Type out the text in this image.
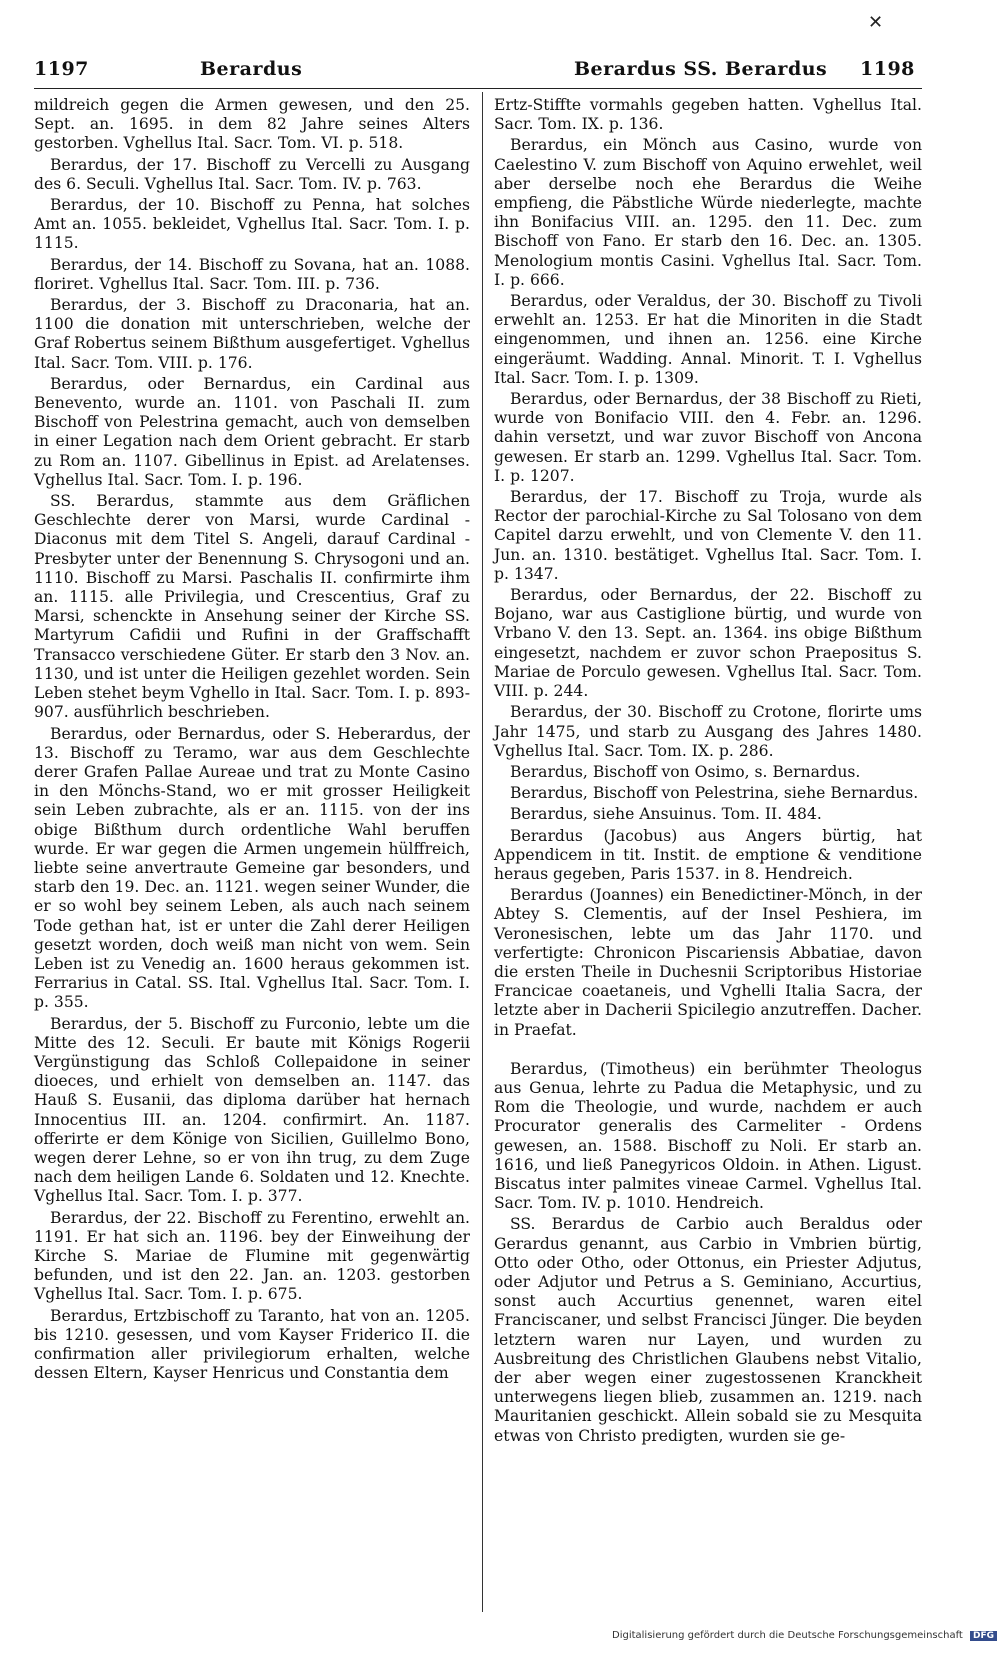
✕
1197	Berardus	Berardus SS. Berardus 1198

mildreich gegen die Armen gewesen, und den 25. Sept. an. 1695. in dem 82 Jahre seines Alters gestorben. Vghellus Ital. Sacr. Tom. VI. p. 518.

Berardus, der 17. Bischoff zu Vercelli zu Ausgang des 6. Seculi. Vghellus Ital. Sacr. Tom. IV. p. 763.

Berardus, der 10. Bischoff zu Penna, hat solches Amt an. 1055. bekleidet, Vghellus Ital. Sacr. Tom. I. p. 1115.

Berardus, der 14. Bischoff zu Sovana, hat an. 1088. floriret. Vghellus Ital. Sacr. Tom. III. p. 736.

Berardus, der 3. Bischoff zu Draconaria, hat an. 1100 die donation mit unterschrieben, welche der Graf Robertus seinem Bißthum ausgefertiget. Vghellus Ital. Sacr. Tom. VIII. p. 176.

Berardus, oder Bernardus, ein Cardinal aus Benevento, wurde an. 1101. von Paschali II. zum Bischoff von Pelestrina gemacht, auch von demselben in einer Legation nach dem Orient gebracht. Er starb zu Rom an. 1107. Gibellinus in Epist. ad Arelatenses. Vghellus Ital. Sacr. Tom. I. p. 196.

SS. Berardus, stammte aus dem Gräflichen Geschlechte derer von Marsi, wurde Cardinal - Diaconus mit dem Titel S. Angeli, darauf Cardinal - Presbyter unter der Benennung S. Chrysogoni und an. 1110. Bischoff zu Marsi. Paschalis II. confirmirte ihm an. 1115. alle Privilegia, und Crescentius, Graf zu Marsi, schenckte in Ansehung seiner der Kirche SS. Martyrum Cafidii und Rufini in der Graffschafft Transacco verschiedene Güter. Er starb den 3 Nov. an. 1130, und ist unter die Heiligen gezehlet worden. Sein Leben stehet beym Vghello in Ital. Sacr. Tom. I. p. 893-907. ausführlich beschrieben.

Berardus, oder Bernardus, oder S. Heberardus, der 13. Bischoff zu Teramo, war aus dem Geschlechte derer Grafen Pallae Aureae und trat zu Monte Casino in den Mönchs-Stand, wo er mit grosser Heiligkeit sein Leben zubrachte, als er an. 1115. von der ins obige Bißthum durch ordentliche Wahl beruffen wurde. Er war gegen die Armen ungemein hülffreich, liebte seine anvertraute Gemeine gar besonders, und starb den 19. Dec. an. 1121. wegen seiner Wunder, die er so wohl bey seinem Leben, als auch nach seinem Tode gethan hat, ist er unter die Zahl derer Heiligen gesetzt worden, doch weiß man nicht von wem. Sein Leben ist zu Venedig an. 1600 heraus gekommen ist. Ferrarius in Catal. SS. Ital. Vghellus Ital. Sacr. Tom. I. p. 355.

Berardus, der 5. Bischoff zu Furconio, lebte um die Mitte des 12. Seculi. Er baute mit Königs Rogerii Vergünstigung das Schloß Collepaidone in seiner dioeces, und erhielt von demselben an. 1147. das Hauß S. Eusanii, das diploma darüber hat hernach Innocentius III. an. 1204. confirmirt. An. 1187. offerirte er dem Könige von Sicilien, Guillelmo Bono, wegen derer Lehne, so er von ihn trug, zu dem Zuge nach dem heiligen Lande 6. Soldaten und 12. Knechte. Vghellus Ital. Sacr. Tom. I. p. 377.

Berardus, der 22. Bischoff zu Ferentino, erwehlt an. 1191. Er hat sich an. 1196. bey der Einweihung der Kirche S. Mariae de Flumine mit gegenwärtig befunden, und ist den 22. Jan. an. 1203. gestorben Vghellus Ital. Sacr. Tom. I. p. 675.

Berardus, Ertzbischoff zu Taranto, hat von an. 1205. bis 1210. gesessen, und vom Kayser Friderico II. die confirmation aller privilegiorum erhalten, welche dessen Eltern, Kayser Henricus und Constantia dem

Ertz-Stiffte vormahls gegeben hatten. Vghellus Ital. Sacr. Tom. IX. p. 136.

Berardus, ein Mönch aus Casino, wurde von Caelestino V. zum Bischoff von Aquino erwehlet, weil aber derselbe noch ehe Berardus die Weihe empfieng, die Päbstliche Würde niederlegte, machte ihn Bonifacius VIII. an. 1295. den 11. Dec. zum Bischoff von Fano. Er starb den 16. Dec. an. 1305. Menologium montis Casini. Vghellus Ital. Sacr. Tom. I. p. 666.

Berardus, oder Veraldus, der 30. Bischoff zu Tivoli erwehlt an. 1253. Er hat die Minoriten in die Stadt eingenommen, und ihnen an. 1256. eine Kirche eingeräumt. Wadding. Annal. Minorit. T. I. Vghellus Ital. Sacr. Tom. I. p. 1309.

Berardus, oder Bernardus, der 38 Bischoff zu Rieti, wurde von Bonifacio VIII. den 4. Febr. an. 1296. dahin versetzt, und war zuvor Bischoff von Ancona gewesen. Er starb an. 1299. Vghellus Ital. Sacr. Tom. I. p. 1207.

Berardus, der 17. Bischoff zu Troja, wurde als Rector der parochial-Kirche zu Sal Tolosano von dem Capitel darzu erwehlt, und von Clemente V. den 11. Jun. an. 1310. bestätiget. Vghellus Ital. Sacr. Tom. I. p. 1347.

Berardus, oder Bernardus, der 22. Bischoff zu Bojano, war aus Castiglione bürtig, und wurde von Vrbano V. den 13. Sept. an. 1364. ins obige Bißthum eingesetzt, nachdem er zuvor schon Praepositus S. Mariae de Porculo gewesen. Vghellus Ital. Sacr. Tom. VIII. p. 244.

Berardus, der 30. Bischoff zu Crotone, florirte ums Jahr 1475, und starb zu Ausgang des Jahres 1480. Vghellus Ital. Sacr. Tom. IX. p. 286.

Berardus, Bischoff von Osimo, s. Bernardus.

Berardus, Bischoff von Pelestrina, siehe Bernardus.

Berardus, siehe Ansuinus. Tom. II. 484.

Berardus (Jacobus) aus Angers bürtig, hat Appendicem in tit. Instit. de emptione & venditione heraus gegeben, Paris 1537. in 8. Hendreich.

Berardus (Joannes) ein Benedictiner-Mönch, in der Abtey S. Clementis, auf der Insel Peshiera, im Veronesischen, lebte um das Jahr 1170. und verfertigte: Chronicon Piscariensis Abbatiae, davon die ersten Theile in Duchesnii Scriptoribus Historiae Francicae coaetaneis, und Vghelli Italia Sacra, der letzte aber in Dacherii Spicilegio anzutreffen. Dacher. in Praefat.

Berardus, (Timotheus) ein berühmter Theologus aus Genua, lehrte zu Padua die Metaphysic, und zu Rom die Theologie, und wurde, nachdem er auch Procurator generalis des Carmeliter - Ordens gewesen, an. 1588. Bischoff zu Noli. Er starb an. 1616, und ließ Panegyricos Oldoin. in Athen. Ligust. Biscatus inter palmites vineae Carmel. Vghellus Ital. Sacr. Tom. IV. p. 1010. Hendreich.

SS. Berardus de Carbio auch Beraldus oder Gerardus genannt, aus Carbio in Vmbrien bürtig, Otto oder Otho, oder Ottonus, ein Priester Adjutus, oder Adjutor und Petrus a S. Geminiano, Accurtius, sonst auch Accurtius genennet, waren eitel Franciscaner, und selbst Francisci Jünger. Die beyden letztern waren nur Layen, und wurden zu Ausbreitung des Christlichen Glaubens nebst Vitalio, der aber wegen einer zugestossenen Kranckheit unterwegens liegen blieb, zusammen an. 1219. nach Mauritanien geschickt. Allein sobald sie zu Mesquita etwas von Christo predigten, wurden sie ge-

Digitalisierung gefördert durch die Deutsche Forschungsgemeinschaft DFG
